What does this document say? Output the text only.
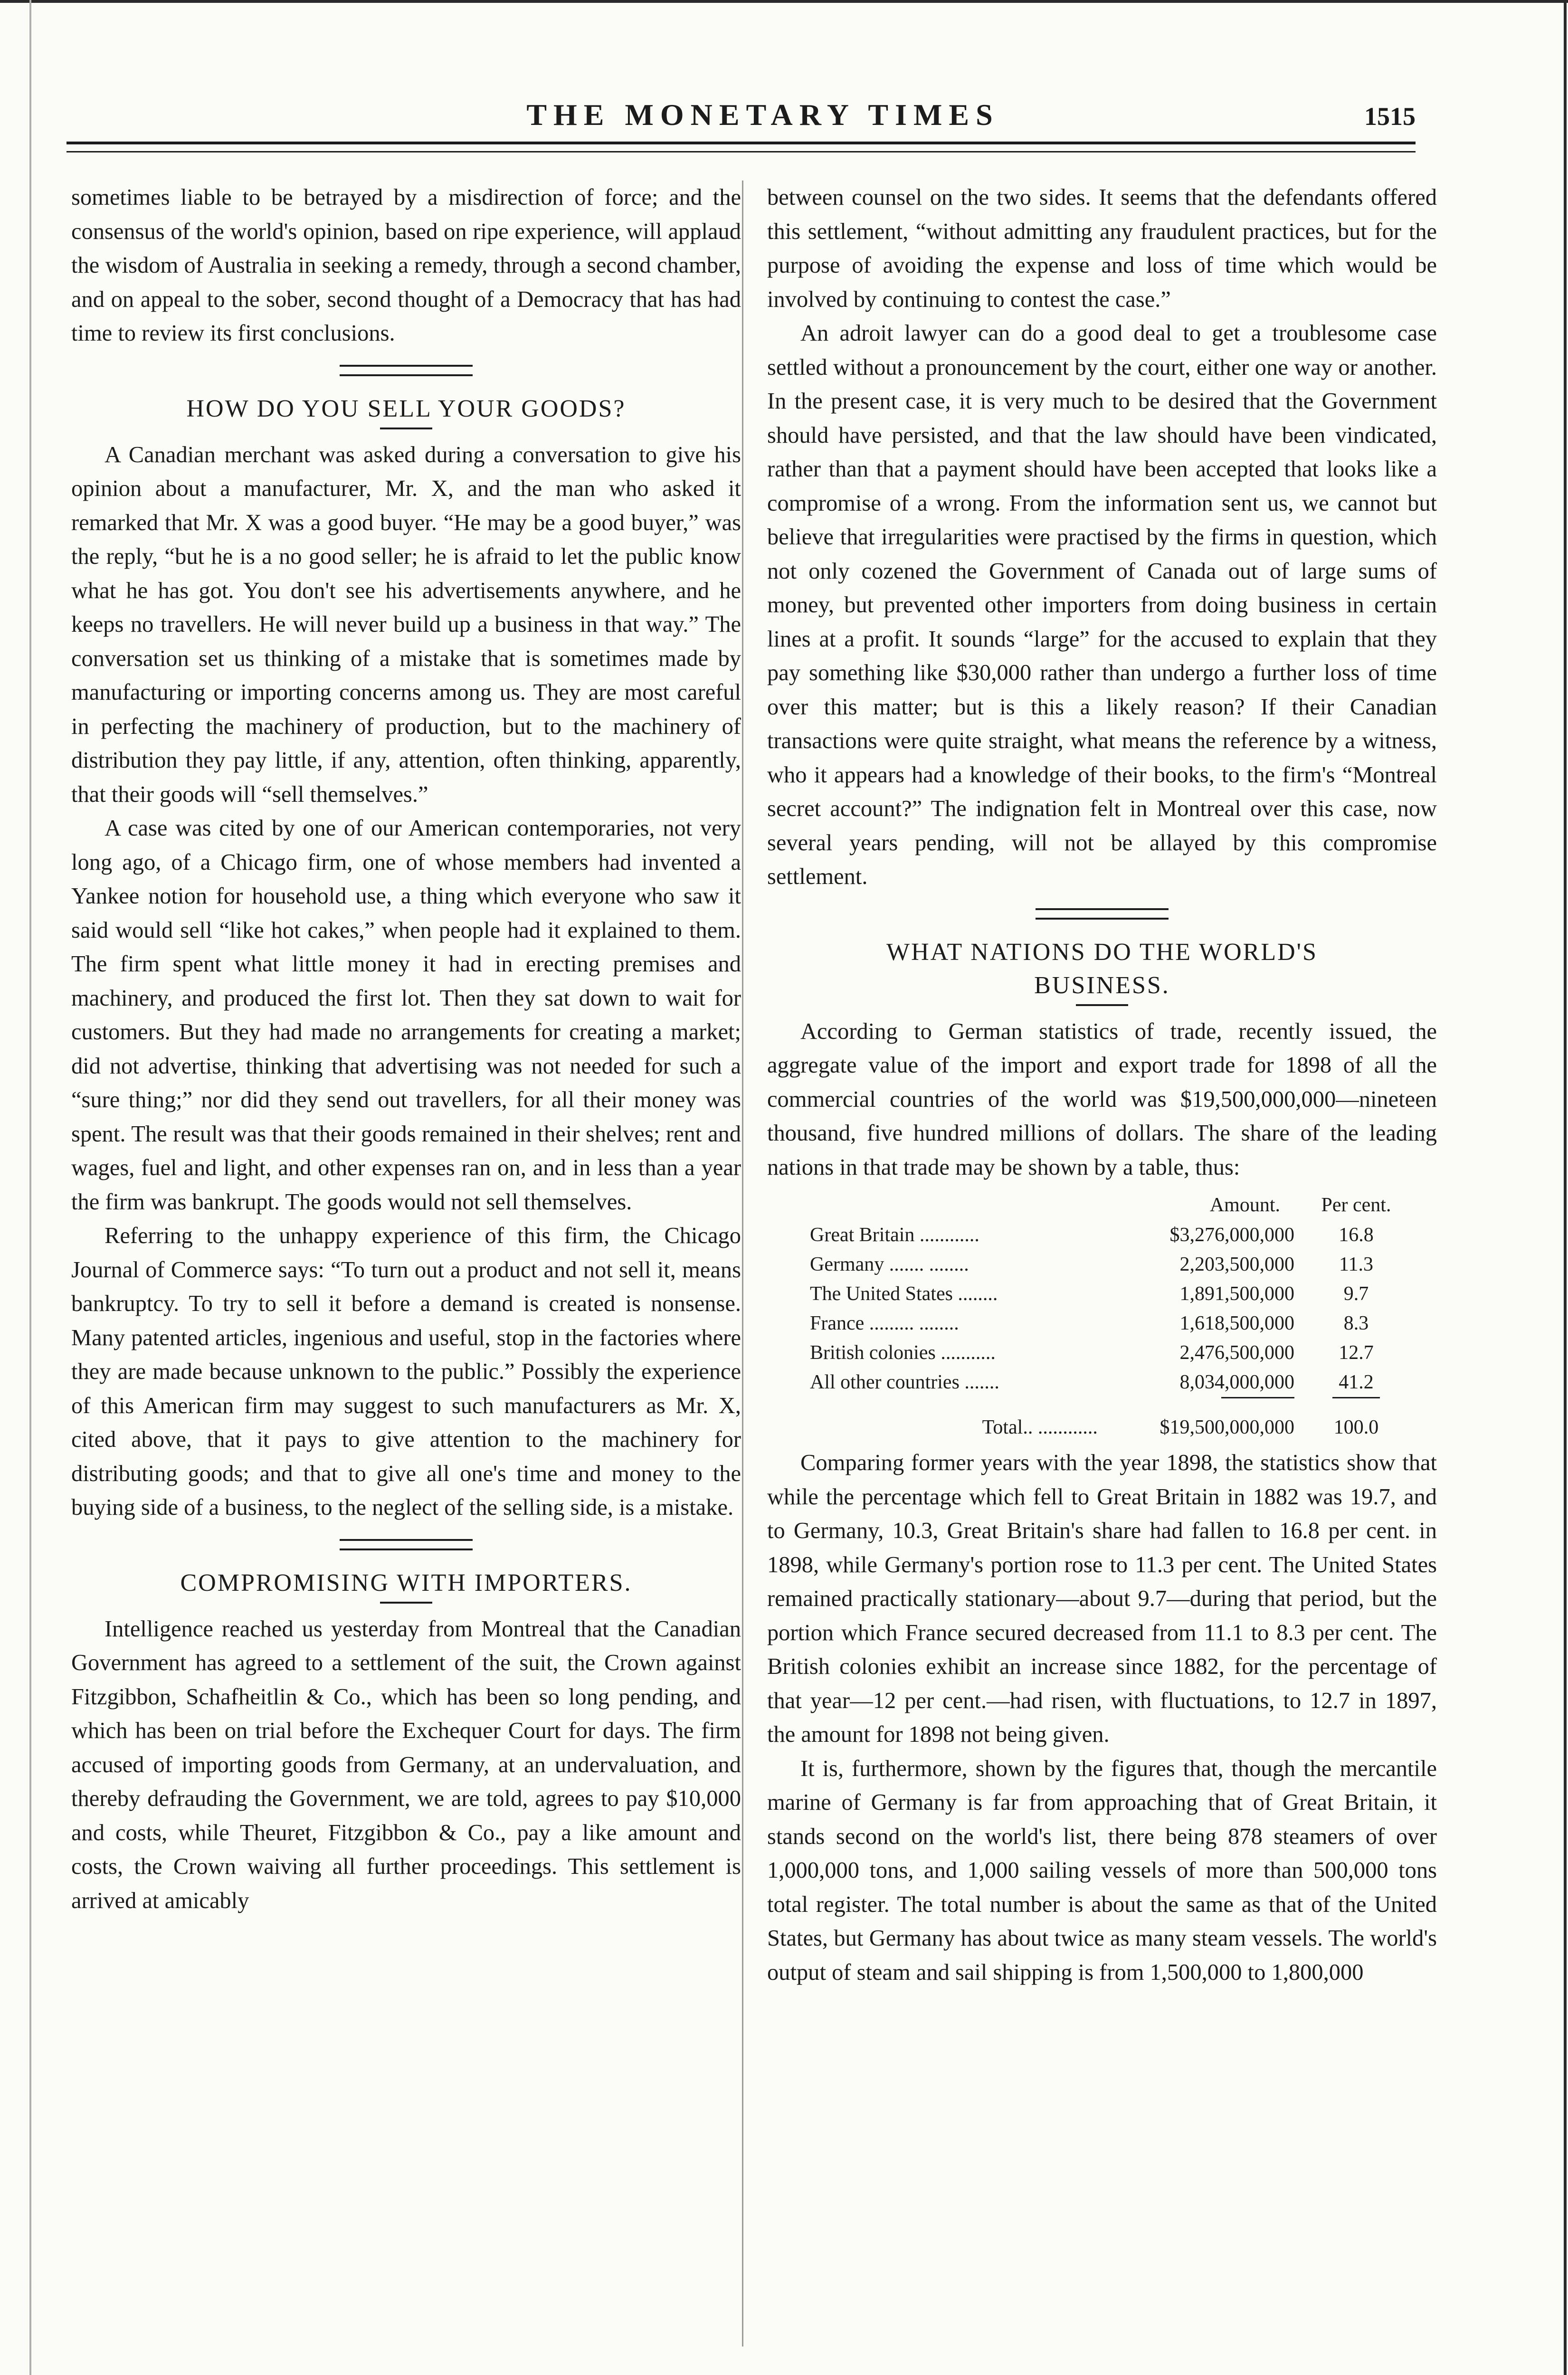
THE MONETARY TIMES	1515

sometimes liable to be betrayed by a misdirection of force; and the consensus of the world's opinion, based on ripe experience, will applaud the wisdom of Australia in seeking a remedy, through a second chamber, and on appeal to the sober, second thought of a Democracy that has had time to review its first conclusions.

HOW DO YOU SELL YOUR GOODS?

A Canadian merchant was asked during a conversation to give his opinion about a manufacturer, Mr. X, and the man who asked it remarked that Mr. X was a good buyer. “He may be a good buyer,” was the reply, “but he is a no good seller; he is afraid to let the public know what he has got. You don't see his advertisements anywhere, and he keeps no travellers. He will never build up a business in that way.” The conversation set us thinking of a mistake that is sometimes made by manufacturing or importing concerns among us. They are most careful in perfecting the machinery of production, but to the machinery of distribution they pay little, if any, attention, often thinking, apparently, that their goods will “sell themselves.”

A case was cited by one of our American contemporaries, not very long ago, of a Chicago firm, one of whose members had invented a Yankee notion for household use, a thing which everyone who saw it said would sell “like hot cakes,” when people had it explained to them. The firm spent what little money it had in erecting premises and machinery, and produced the first lot. Then they sat down to wait for customers. But they had made no arrangements for creating a market; did not advertise, thinking that advertising was not needed for such a “sure thing;” nor did they send out travellers, for all their money was spent. The result was that their goods remained in their shelves; rent and wages, fuel and light, and other expenses ran on, and in less than a year the firm was bankrupt. The goods would not sell themselves.

Referring to the unhappy experience of this firm, the Chicago Journal of Commerce says: “To turn out a product and not sell it, means bankruptcy. To try to sell it before a demand is created is nonsense. Many patented articles, ingenious and useful, stop in the factories where they are made because unknown to the public.” Possibly the experience of this American firm may suggest to such manufacturers as Mr. X, cited above, that it pays to give attention to the machinery for distributing goods; and that to give all one's time and money to the buying side of a business, to the neglect of the selling side, is a mistake.

COMPROMISING WITH IMPORTERS.

Intelligence reached us yesterday from Montreal that the Canadian Government has agreed to a settlement of the suit, the Crown against Fitzgibbon, Schafheitlin & Co., which has been so long pending, and which has been on trial before the Exchequer Court for days. The firm accused of importing goods from Germany, at an undervaluation, and thereby defrauding the Government, we are told, agrees to pay $10,000 and costs, while Theuret, Fitzgibbon & Co., pay a like amount and costs, the Crown waiving all further proceedings. This settlement is arrived at amicably

between counsel on the two sides. It seems that the defendants offered this settlement, “without admitting any fraudulent practices, but for the purpose of avoiding the expense and loss of time which would be involved by continuing to contest the case.”

An adroit lawyer can do a good deal to get a troublesome case settled without a pronouncement by the court, either one way or another. In the present case, it is very much to be desired that the Government should have persisted, and that the law should have been vindicated, rather than that a payment should have been accepted that looks like a compromise of a wrong. From the information sent us, we cannot but believe that irregularities were practised by the firms in question, which not only cozened the Government of Canada out of large sums of money, but prevented other importers from doing business in certain lines at a profit. It sounds “large” for the accused to explain that they pay something like $30,000 rather than undergo a further loss of time over this matter; but is this a likely reason? If their Canadian transactions were quite straight, what means the reference by a witness, who it appears had a knowledge of their books, to the firm's “Montreal secret account?” The indignation felt in Montreal over this case, now several years pending, will not be allayed by this compromise settlement.

WHAT NATIONS DO THE WORLD'S
BUSINESS.

According to German statistics of trade, recently issued, the aggregate value of the import and export trade for 1898 of all the commercial countries of the world was $19,500,000,000—nineteen thousand, five hundred millions of dollars. The share of the leading nations in that trade may be shown by a table, thus:

	Amount.	Per cent.
Great Britain ............	$3,276,000,000	16.8
Germany ....... ........	2,203,500,000	11.3
The United States ........	1,891,500,000	9.7
France ......... ........	1,618,500,000	8.3
British colonies ...........	2,476,500,000	12.7
All other countries .......	8,034,000,000	41.2

Total.. ............	$19,500,000,000	100.0

Comparing former years with the year 1898, the statistics show that while the percentage which fell to Great Britain in 1882 was 19.7, and to Germany, 10.3, Great Britain's share had fallen to 16.8 per cent. in 1898, while Germany's portion rose to 11.3 per cent. The United States remained practically stationary—about 9.7—during that period, but the portion which France secured decreased from 11.1 to 8.3 per cent. The British colonies exhibit an increase since 1882, for the percentage of that year—12 per cent.—had risen, with fluctuations, to 12.7 in 1897, the amount for 1898 not being given.

It is, furthermore, shown by the figures that, though the mercantile marine of Germany is far from approaching that of Great Britain, it stands second on the world's list, there being 878 steamers of over 1,000,000 tons, and 1,000 sailing vessels of more than 500,000 tons total register. The total number is about the same as that of the United States, but Germany has about twice as many steam vessels. The world's output of steam and sail shipping is from 1,500,000 to 1,800,000
